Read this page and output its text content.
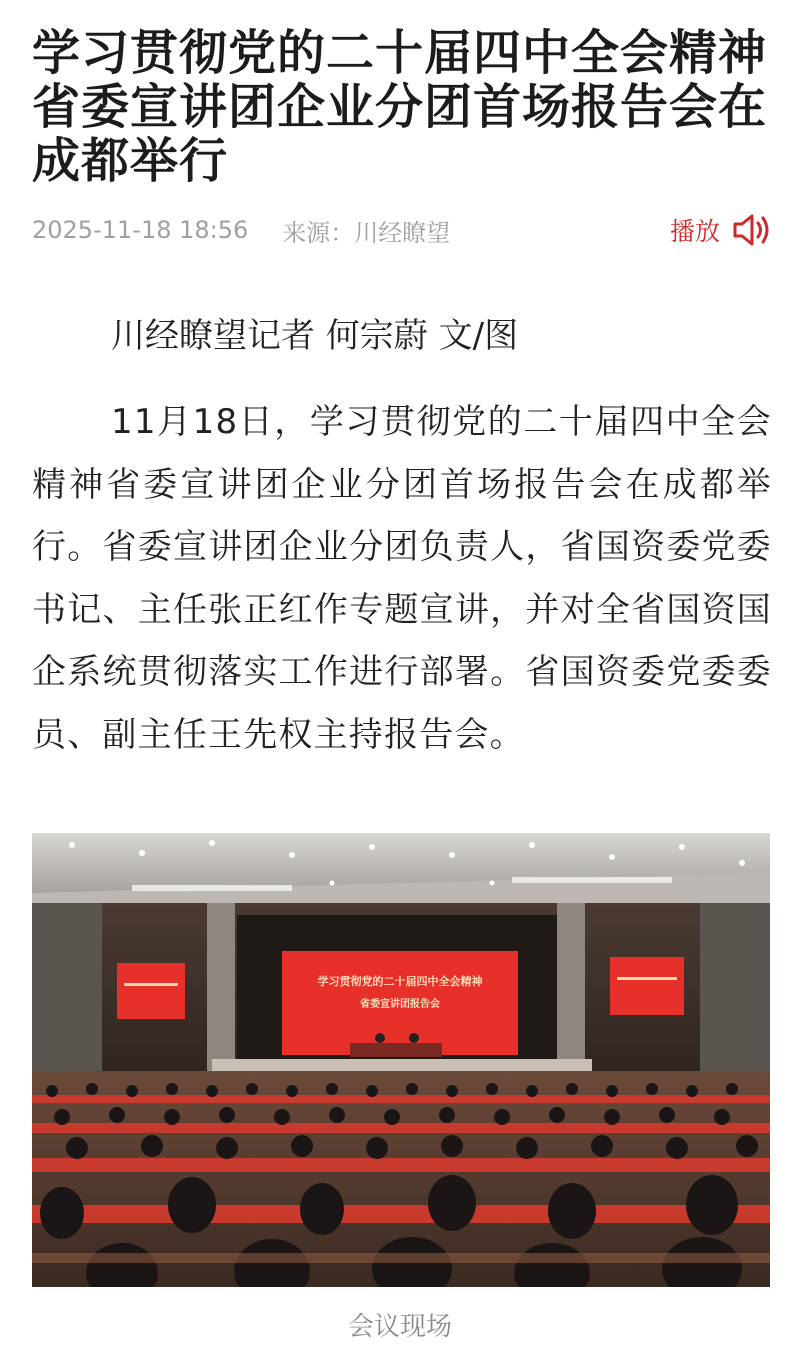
学习贯彻党的二十届四中全会精神省委宣讲团企业分团首场报告会在成都举行
2025-11-18 18:56 来源：川经瞭望	播放
川经瞭望记者 何宗蔚 文/图

11月18日，学习贯彻党的二十届四中全会精神省委宣讲团企业分团首场报告会在成都举行。省委宣讲团企业分团负责人，省国资委党委书记、主任张正红作专题宣讲，并对全省国资国企系统贯彻落实工作进行部署。省国资委党委委员、副主任王先权主持报告会。

学习贯彻党的二十届四中全会精神
省委宣讲团报告会
会议现场
